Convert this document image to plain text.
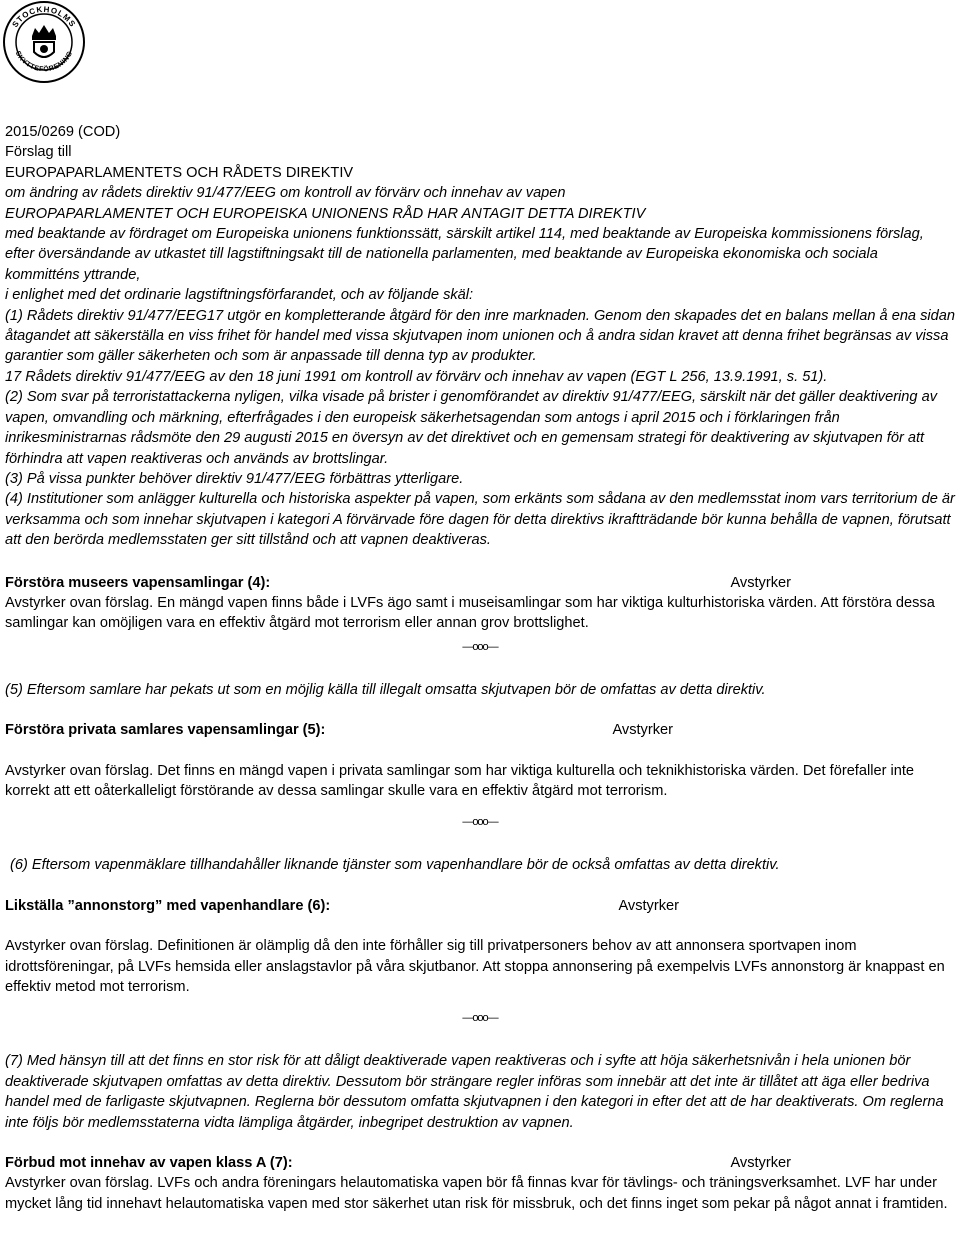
STOCKHOLMS
SKYTTEFÖRENING

2015/0269 (COD)

Förslag till

EUROPAPARLAMENTETS OCH RÅDETS DIREKTIV

om ändring av rådets direktiv 91/477/EEG om kontroll av förvärv och innehav av vapen

EUROPAPARLAMENTET OCH EUROPEISKA UNIONENS RÅD HAR ANTAGIT DETTA DIREKTIV

med beaktande av fördraget om Europeiska unionens funktionssätt, särskilt artikel 114, med beaktande av Europeiska kommissionens förslag, efter översändande av utkastet till lagstiftningsakt till de nationella parlamenten, med beaktande av Europeiska ekonomiska och sociala kommitténs yttrande,

i enlighet med det ordinarie lagstiftningsförfarandet, och av följande skäl:

(1) Rådets direktiv 91/477/EEG17 utgör en kompletterande åtgärd för den inre marknaden. Genom den skapades det en balans mellan å ena sidan åtagandet att säkerställa en viss frihet för handel med vissa skjutvapen inom unionen och å andra sidan kravet att denna frihet begränsas av vissa garantier som gäller säkerheten och som är anpassade till denna typ av produkter.

17 Rådets direktiv 91/477/EEG av den 18 juni 1991 om kontroll av förvärv och innehav av vapen (EGT L 256, 13.9.1991, s. 51).

(2) Som svar på terroristattackerna nyligen, vilka visade på brister i genomförandet av direktiv 91/477/EEG, särskilt när det gäller deaktivering av vapen, omvandling och märkning, efterfrågades i den europeisk säkerhetsagendan som antogs i april 2015 och i förklaringen från inrikesministrarnas rådsmöte den 29 augusti 2015 en översyn av det direktivet och en gemensam strategi för deaktivering av skjutvapen för att förhindra att vapen reaktiveras och används av brottslingar.

(3) På vissa punkter behöver direktiv 91/477/EEG förbättras ytterligare.

(4) Institutioner som anlägger kulturella och historiska aspekter på vapen, som erkänts som sådana av den medlemsstat inom vars territorium de är verksamma och som innehar skjutvapen i kategori A förvärvade före dagen för detta direktivs ikraftträdande bör kunna behålla de vapnen, förutsatt att den berörda medlemsstaten ger sitt tillstånd och att vapnen deaktiveras.

Förstöra museers vapensamlingar (4):	Avstyrker

Avstyrker ovan förslag. En mängd vapen finns både i LVFs ägo samt i museisamlingar som har viktiga kulturhistoriska värden. Att förstöra dessa samlingar kan omöjligen vara en effektiv åtgärd mot terrorism eller annan grov brottslighet.

—ooo—

(5) Eftersom samlare har pekats ut som en möjlig källa till illegalt omsatta skjutvapen bör de omfattas av detta direktiv.

Förstöra privata samlares vapensamlingar (5):	Avstyrker

Avstyrker ovan förslag. Det finns en mängd vapen i privata samlingar som har viktiga kulturella och teknikhistoriska värden. Det förefaller inte korrekt att ett oåterkalleligt förstörande av dessa samlingar skulle vara en effektiv åtgärd mot terrorism.

—ooo—

(6) Eftersom vapenmäklare tillhandahåller liknande tjänster som vapenhandlare bör de också omfattas av detta direktiv.

Likställa ”annonstorg” med vapenhandlare (6):	Avstyrker

Avstyrker ovan förslag. Definitionen är olämplig då den inte förhåller sig till privatpersoners behov av att annonsera sportvapen inom idrottsföreningar, på LVFs hemsida eller anslagstavlor på våra skjutbanor. Att stoppa annonsering på exempelvis LVFs annonstorg är knappast en effektiv metod mot terrorism.

—ooo—

(7) Med hänsyn till att det finns en stor risk för att dåligt deaktiverade vapen reaktiveras och i syfte att höja säkerhetsnivån i hela unionen bör deaktiverade skjutvapen omfattas av detta direktiv. Dessutom bör strängare regler införas som innebär att det inte är tillåtet att äga eller bedriva handel med de farligaste skjutvapnen. Reglerna bör dessutom omfatta skjutvapnen i den kategori in efter det att de har deaktiverats. Om reglerna inte följs bör medlemsstaterna vidta lämpliga åtgärder, inbegripet destruktion av vapnen.

Förbud mot innehav av vapen klass A (7):	Avstyrker

Avstyrker ovan förslag. LVFs och andra föreningars helautomatiska vapen bör få finnas kvar för tävlings- och träningsverksamhet. LVF har under mycket lång tid innehavt helautomatiska vapen med stor säkerhet utan risk för missbruk, och det finns inget som pekar på något annat i framtiden.
